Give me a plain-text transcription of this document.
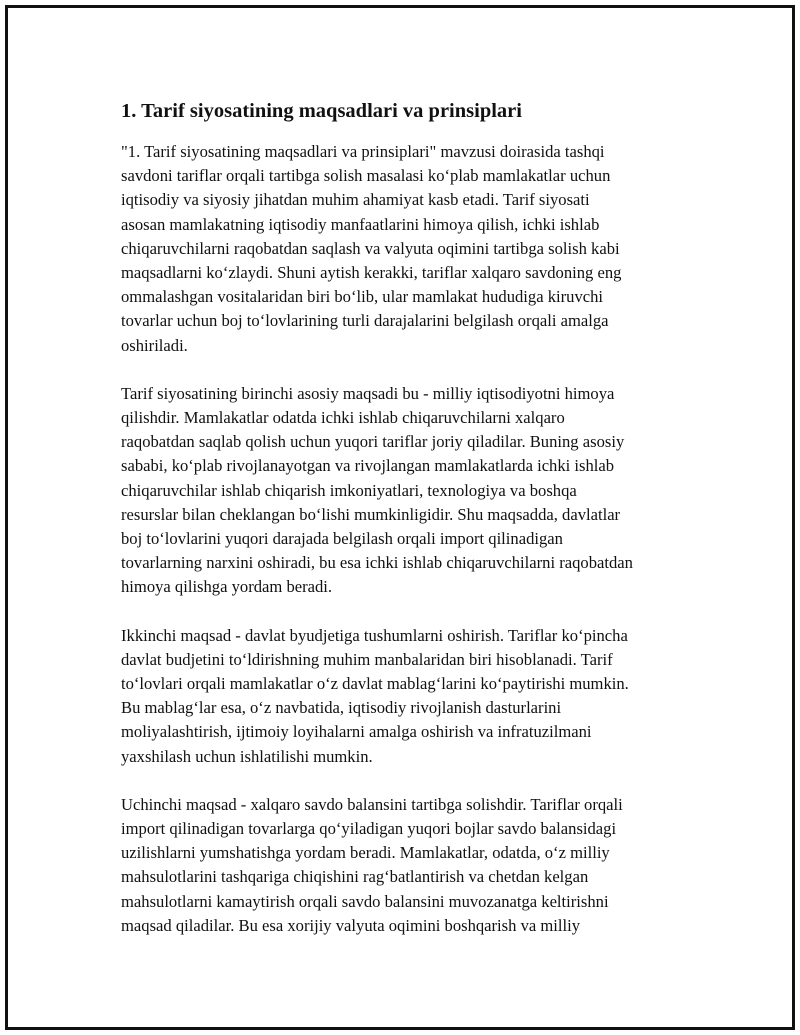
1. Tarif siyosatining maqsadlari va prinsiplari

"1. Tarif siyosatining maqsadlari va prinsiplari" mavzusi doirasida tashqi
savdoni tariflar orqali tartibga solish masalasi koʻplab mamlakatlar uchun
iqtisodiy va siyosiy jihatdan muhim ahamiyat kasb etadi. Tarif siyosati
asosan mamlakatning iqtisodiy manfaatlarini himoya qilish, ichki ishlab
chiqaruvchilarni raqobatdan saqlash va valyuta oqimini tartibga solish kabi
maqsadlarni koʻzlaydi. Shuni aytish kerakki, tariflar xalqaro savdoning eng
ommalashgan vositalaridan biri boʻlib, ular mamlakat hududiga kiruvchi
tovarlar uchun boj toʻlovlarining turli darajalarini belgilash orqali amalga
oshiriladi.

Tarif siyosatining birinchi asosiy maqsadi bu - milliy iqtisodiyotni himoya
qilishdir. Mamlakatlar odatda ichki ishlab chiqaruvchilarni xalqaro
raqobatdan saqlab qolish uchun yuqori tariflar joriy qiladilar. Buning asosiy
sababi, koʻplab rivojlanayotgan va rivojlangan mamlakatlarda ichki ishlab
chiqaruvchilar ishlab chiqarish imkoniyatlari, texnologiya va boshqa
resurslar bilan cheklangan boʻlishi mumkinligidir. Shu maqsadda, davlatlar
boj toʻlovlarini yuqori darajada belgilash orqali import qilinadigan
tovarlarning narxini oshiradi, bu esa ichki ishlab chiqaruvchilarni raqobatdan
himoya qilishga yordam beradi.

Ikkinchi maqsad - davlat byudjetiga tushumlarni oshirish. Tariflar koʻpincha
davlat budjetini toʻldirishning muhim manbalaridan biri hisoblanadi. Tarif
toʻlovlari orqali mamlakatlar oʻz davlat mablagʻlarini koʻpaytirishi mumkin.
Bu mablagʻlar esa, oʻz navbatida, iqtisodiy rivojlanish dasturlarini
moliyalashtirish, ijtimoiy loyihalarni amalga oshirish va infratuzilmani
yaxshilash uchun ishlatilishi mumkin.

Uchinchi maqsad - xalqaro savdo balansini tartibga solishdir. Tariflar orqali
import qilinadigan tovarlarga qoʻyiladigan yuqori bojlar savdo balansidagi
uzilishlarni yumshatishga yordam beradi. Mamlakatlar, odatda, oʻz milliy
mahsulotlarini tashqariga chiqishini ragʻbatlantirish va chetdan kelgan
mahsulotlarni kamaytirish orqali savdo balansini muvozanatga keltirishni
maqsad qiladilar. Bu esa xorijiy valyuta oqimini boshqarish va milliy
